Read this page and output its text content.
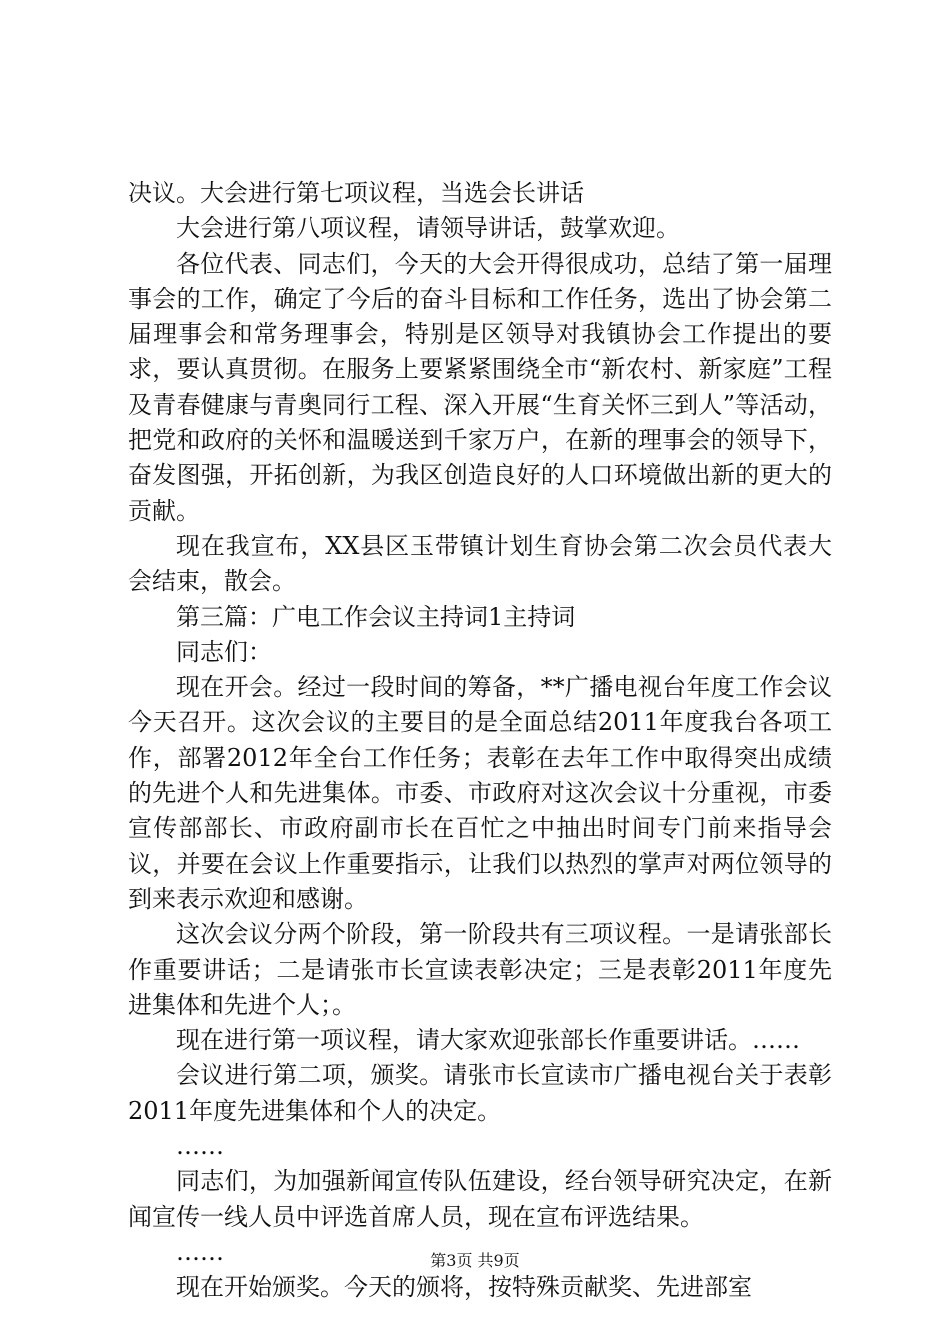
决议。大会进行第七项议程，当选会长讲话

大会进行第八项议程，请领导讲话，鼓掌欢迎。

各位代表、同志们，今天的大会开得很成功，总结了第一届理事会的工作，确定了今后的奋斗目标和工作任务，选出了协会第二届理事会和常务理事会，特别是区领导对我镇协会工作提出的要求，要认真贯彻。在服务上要紧紧围绕全市“新农村、新家庭”工程及青春健康与青奥同行工程、深入开展“生育关怀三到人”等活动，把党和政府的关怀和温暖送到千家万户，在新的理事会的领导下，奋发图强，开拓创新，为我区创造良好的人口环境做出新的更大的贡献。

现在我宣布，XX县区玉带镇计划生育协会第二次会员代表大会结束，散会。

第三篇：广电工作会议主持词1主持词

同志们：

现在开会。经过一段时间的筹备，**广播电视台年度工作会议今天召开。这次会议的主要目的是全面总结2011年度我台各项工作，部署2012年全台工作任务；表彰在去年工作中取得突出成绩的先进个人和先进集体。市委、市政府对这次会议十分重视，市委宣传部部长、市政府副市长在百忙之中抽出时间专门前来指导会议，并要在会议上作重要指示，让我们以热烈的掌声对两位领导的到来表示欢迎和感谢。

这次会议分两个阶段，第一阶段共有三项议程。一是请张部长作重要讲话；二是请张市长宣读表彰决定；三是表彰2011年度先进集体和先进个人；。

现在进行第一项议程，请大家欢迎张部长作重要讲话。……

会议进行第二项，颁奖。请张市长宣读市广播电视台关于表彰2011年度先进集体和个人的决定。

……

同志们，为加强新闻宣传队伍建设，经台领导研究决定，在新闻宣传一线人员中评选首席人员，现在宣布评选结果。

……

现在开始颁奖。今天的颁将，按特殊贡献奖、先进部室

第3页 共9页
